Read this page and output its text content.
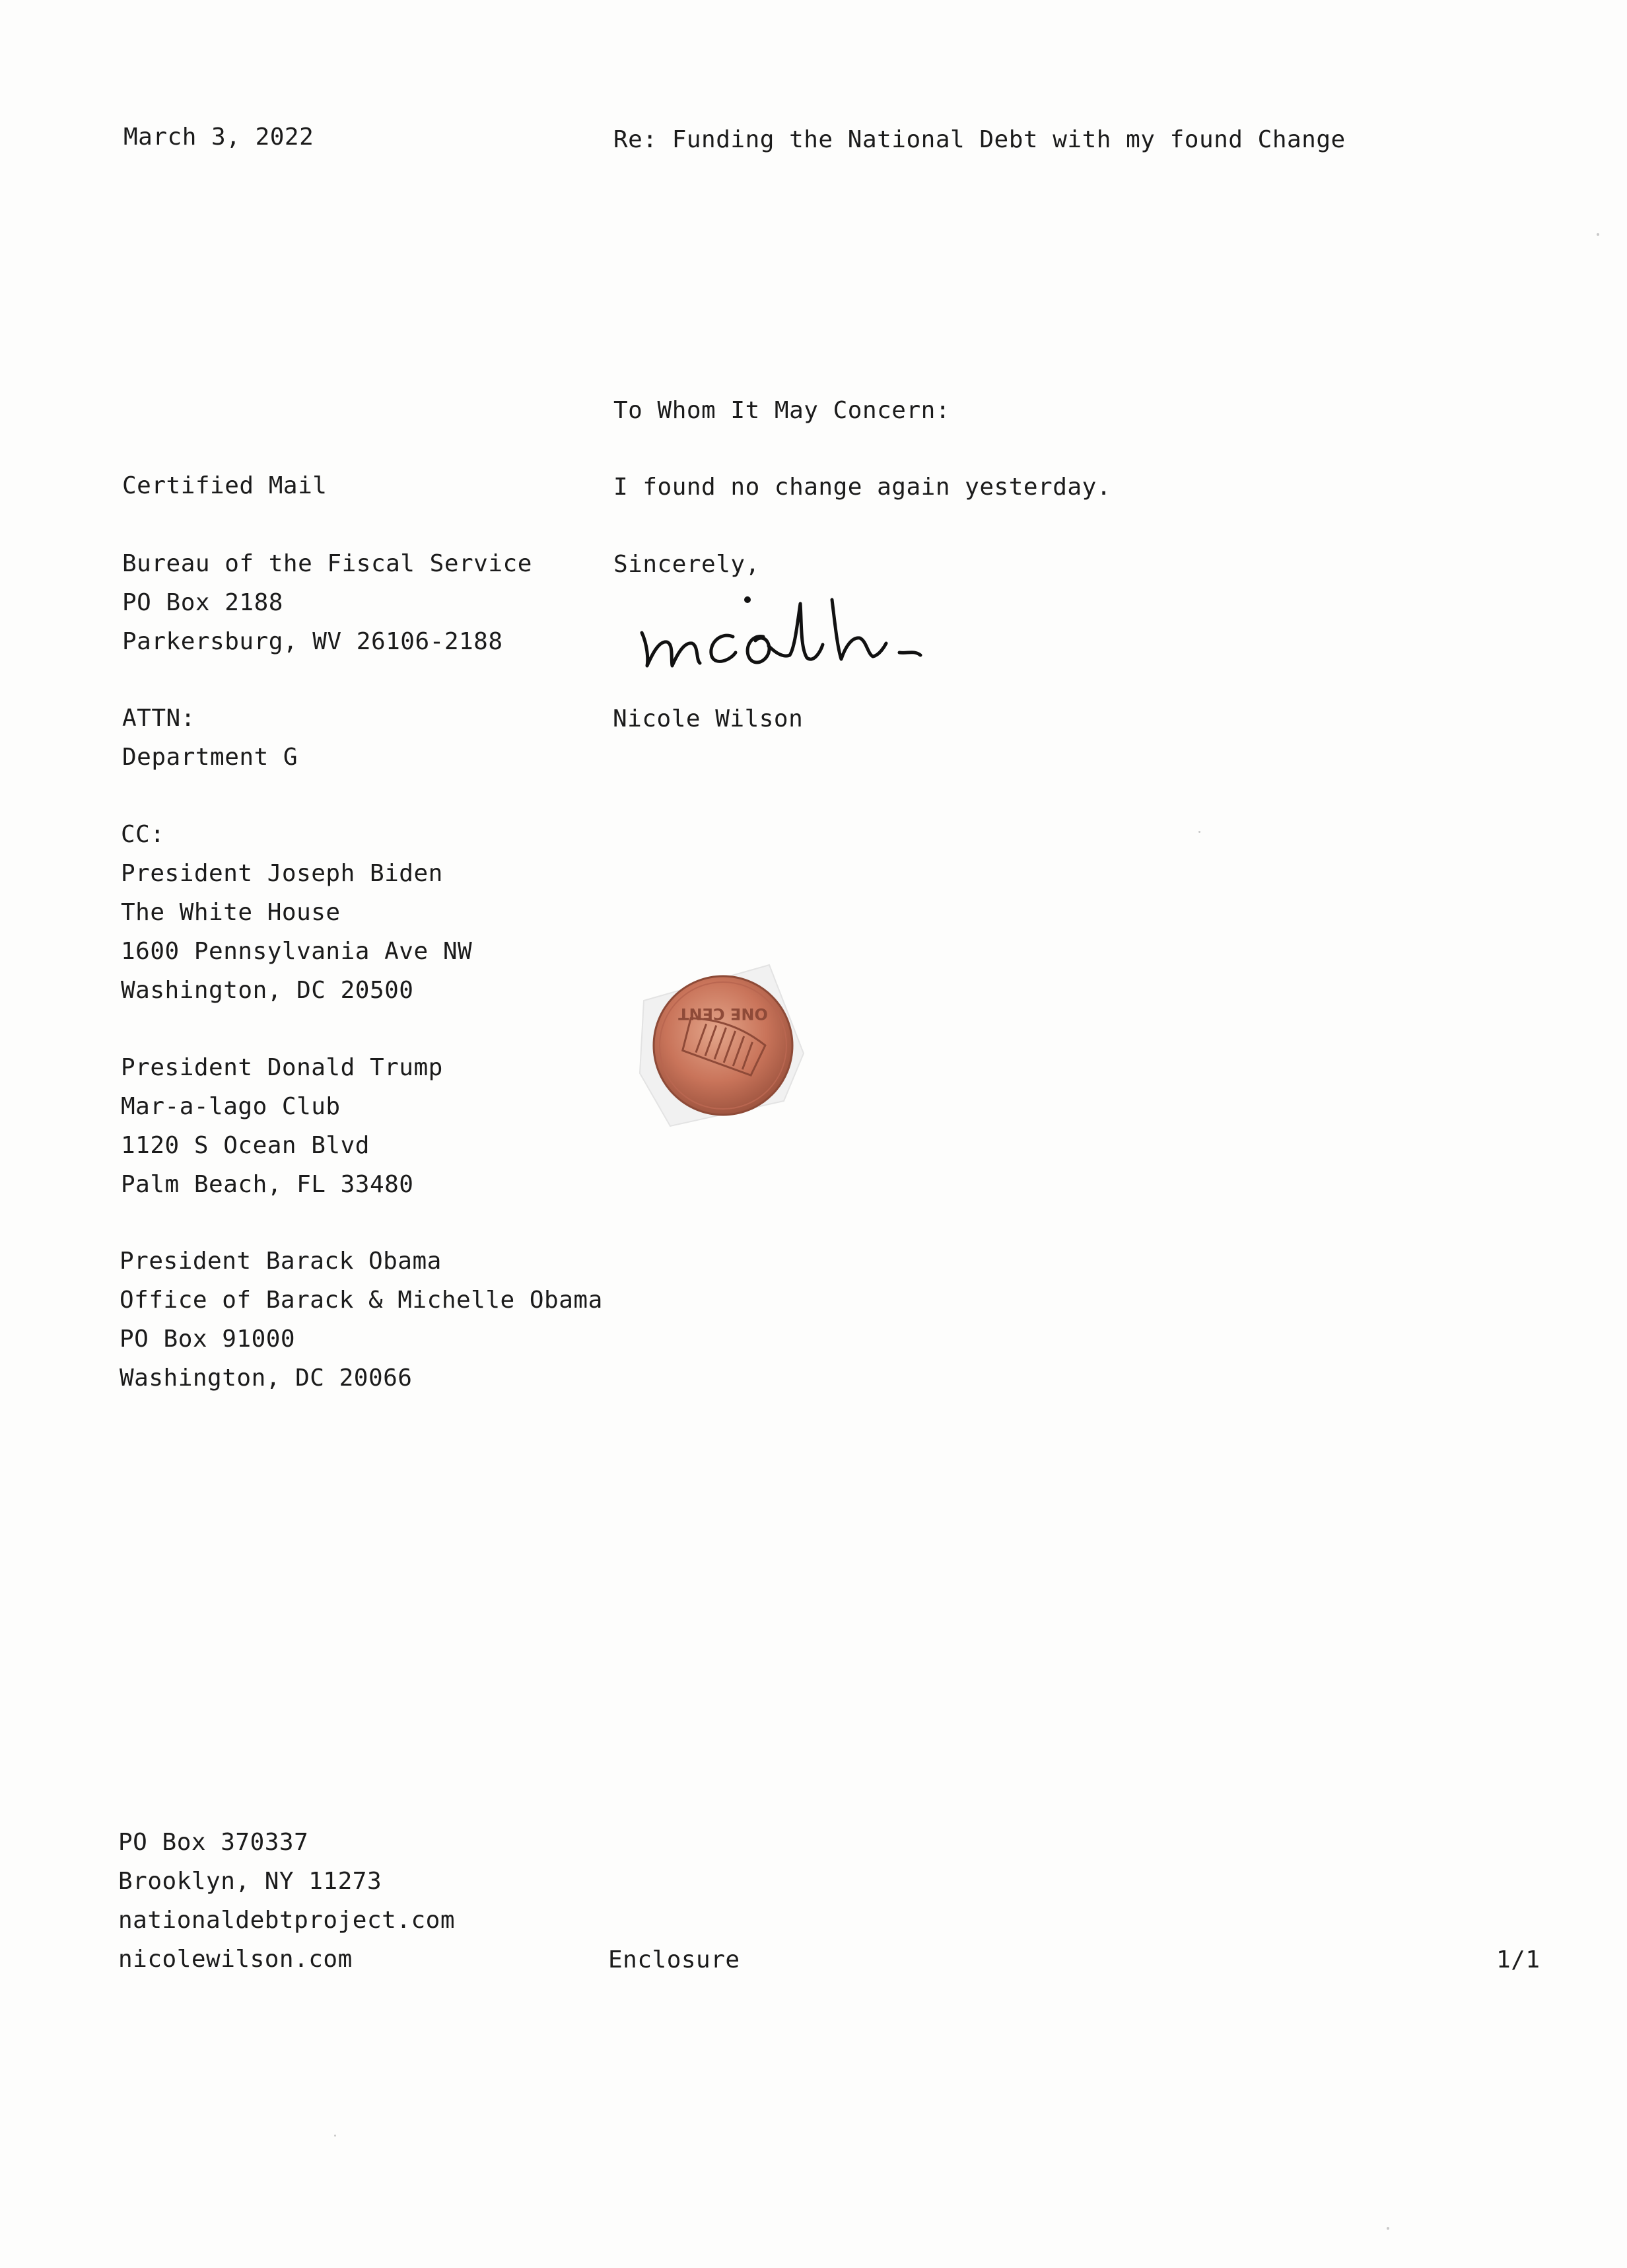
March 3, 2022	Re: Funding the National Debt with my found Change
To Whom It May Concern:
Certified Mail	I found no change again yesterday.
Bureau of the Fiscal Service
PO Box 2188
Parkersburg, WV 26106-2188
Sincerely,
Nicole Wilson
ATTN:
Department G
CC:
President Joseph Biden
The White House
1600 Pennsylvania Ave NW
Washington, DC 20500
President Donald Trump
Mar-a-lago Club
1120 S Ocean Blvd
Palm Beach, FL 33480
President Barack Obama
Office of Barack & Michelle Obama
PO Box 91000
Washington, DC 20066
ONE CENT
PO Box 370337
Brooklyn, NY 11273
nationaldebtproject.com
nicolewilson.com	Enclosure	1/1
